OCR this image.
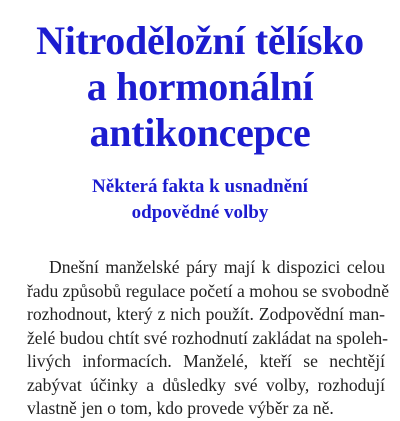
Nitroděložní tělísko
a hormonální
antikoncepce
Některá fakta k usnadnění
odpovědné volby

Dnešní manželské páry mají k dispozici celou
řadu způsobů regulace početí a mohou se svobodně
rozhodnout, který z nich použít. Zodpovědní man-
želé budou chtít své rozhodnutí zakládat na spoleh-
livých informacích. Manželé, kteří se nechtějí
zabývat účinky a důsledky své volby, rozhodují
vlastně jen o tom, kdo provede výběr za ně.
